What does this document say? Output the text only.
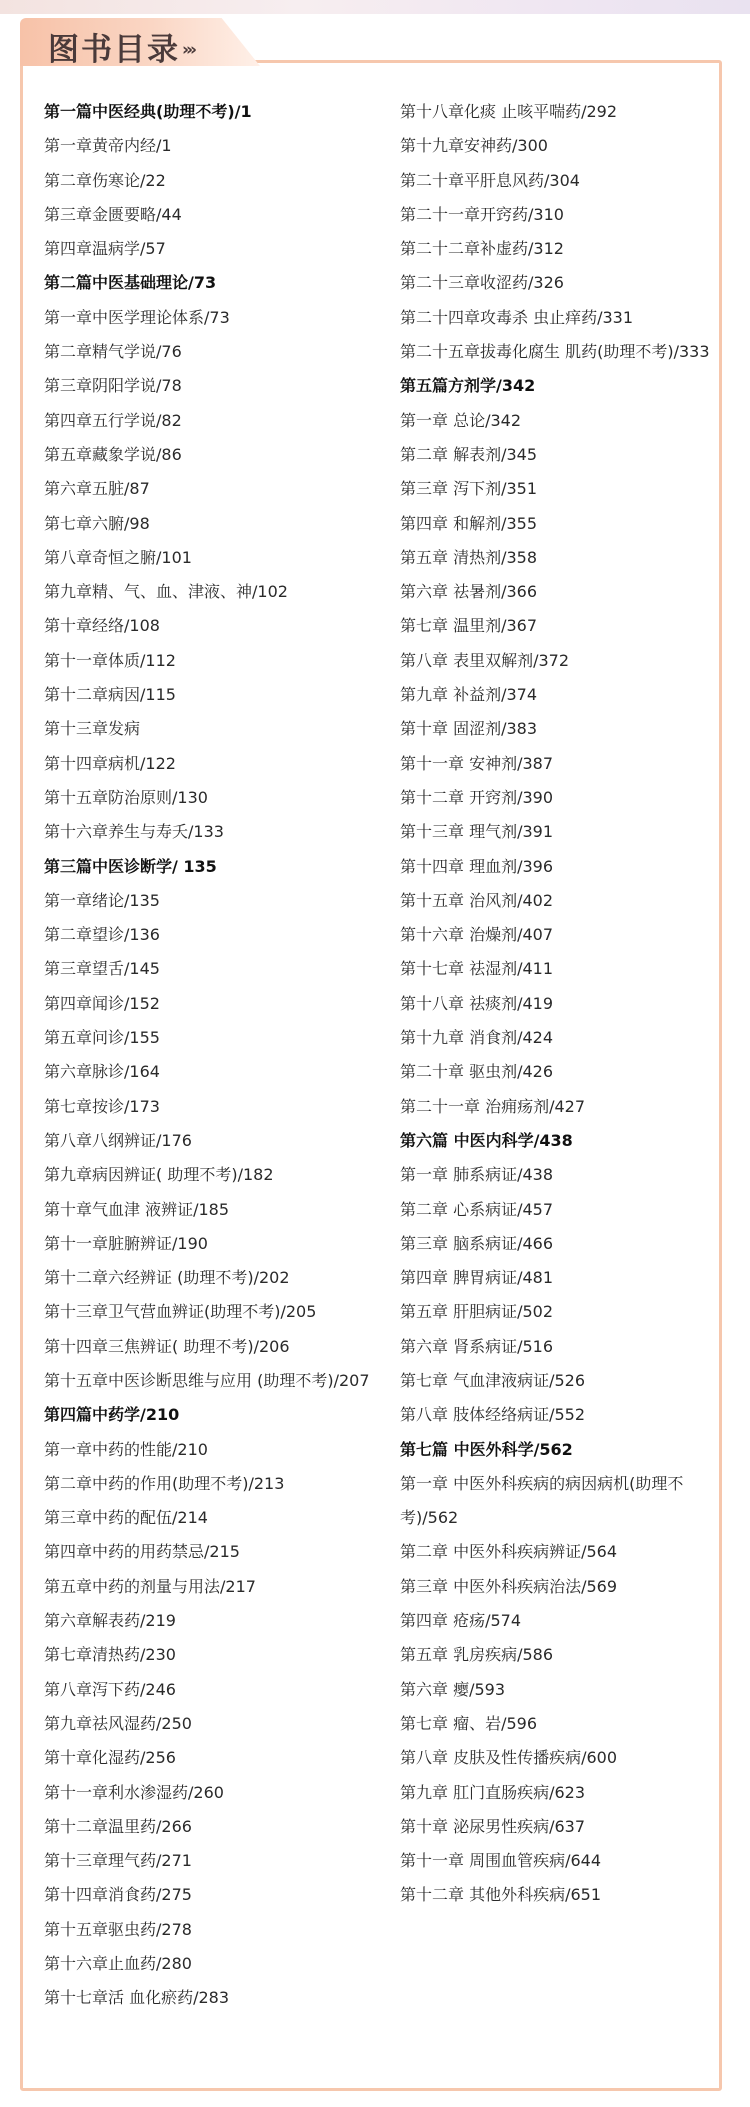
图书目录 ›››
第一篇中医经典(助理不考)/1
第一章黄帝内经/1
第二章伤寒论/22
第三章金匮要略/44
第四章温病学/57
第二篇中医基础理论/73
第一章中医学理论体系/73
第二章精气学说/76
第三章阴阳学说/78
第四章五行学说/82
第五章藏象学说/86
第六章五脏/87
第七章六腑/98
第八章奇恒之腑/101
第九章精、气、血、津液、神/102
第十章经络/108
第十一章体质/112
第十二章病因/115
第十三章发病
第十四章病机/122
第十五章防治原则/130
第十六章养生与寿夭/133
第三篇中医诊断学/ 135
第一章绪论/135
第二章望诊/136
第三章望舌/145
第四章闻诊/152
第五章问诊/155
第六章脉诊/164
第七章按诊/173
第八章八纲辨证/176
第九章病因辨证( 助理不考)/182
第十章气血津 液辨证/185
第十一章脏腑辨证/190
第十二章六经辨证 (助理不考)/202
第十三章卫气营血辨证(助理不考)/205
第十四章三焦辨证( 助理不考)/206
第十五章中医诊断思维与应用 (助理不考)/207
第四篇中药学/210
第一章中药的性能/210
第二章中药的作用(助理不考)/213
第三章中药的配伍/214
第四章中药的用药禁忌/215
第五章中药的剂量与用法/217
第六章解表药/219
第七章清热药/230
第八章泻下药/246
第九章祛风湿药/250
第十章化湿药/256
第十一章利水渗湿药/260
第十二章温里药/266
第十三章理气药/271
第十四章消食药/275
第十五章驱虫药/278
第十六章止血药/280
第十七章活 血化瘀药/283
第十八章化痰 止咳平喘药/292
第十九章安神药/300
第二十章平肝息风药/304
第二十一章开窍药/310
第二十二章补虚药/312
第二十三章收涩药/326
第二十四章攻毒杀 虫止痒药/331
第二十五章拔毒化腐生 肌药(助理不考)/333
第五篇方剂学/342
第一章 总论/342
第二章 解表剂/345
第三章 泻下剂/351
第四章 和解剂/355
第五章 清热剂/358
第六章 祛暑剂/366
第七章 温里剂/367
第八章 表里双解剂/372
第九章 补益剂/374
第十章 固涩剂/383
第十一章 安神剂/387
第十二章 开窍剂/390
第十三章 理气剂/391
第十四章 理血剂/396
第十五章 治风剂/402
第十六章 治燥剂/407
第十七章 祛湿剂/411
第十八章 祛痰剂/419
第十九章 消食剂/424
第二十章 驱虫剂/426
第二十一章 治痈疡剂/427
第六篇 中医内科学/438
第一章 肺系病证/438
第二章 心系病证/457
第三章 脑系病证/466
第四章 脾胃病证/481
第五章 肝胆病证/502
第六章 肾系病证/516
第七章 气血津液病证/526
第八章 肢体经络病证/552
第七篇 中医外科学/562
第一章 中医外科疾病的病因病机(助理不考)/562
第二章 中医外科疾病辨证/564
第三章 中医外科疾病治法/569
第四章 疮疡/574
第五章 乳房疾病/586
第六章 瘿/593
第七章 瘤、岩/596
第八章 皮肤及性传播疾病/600
第九章 肛门直肠疾病/623
第十章 泌尿男性疾病/637
第十一章 周围血管疾病/644
第十二章 其他外科疾病/651
